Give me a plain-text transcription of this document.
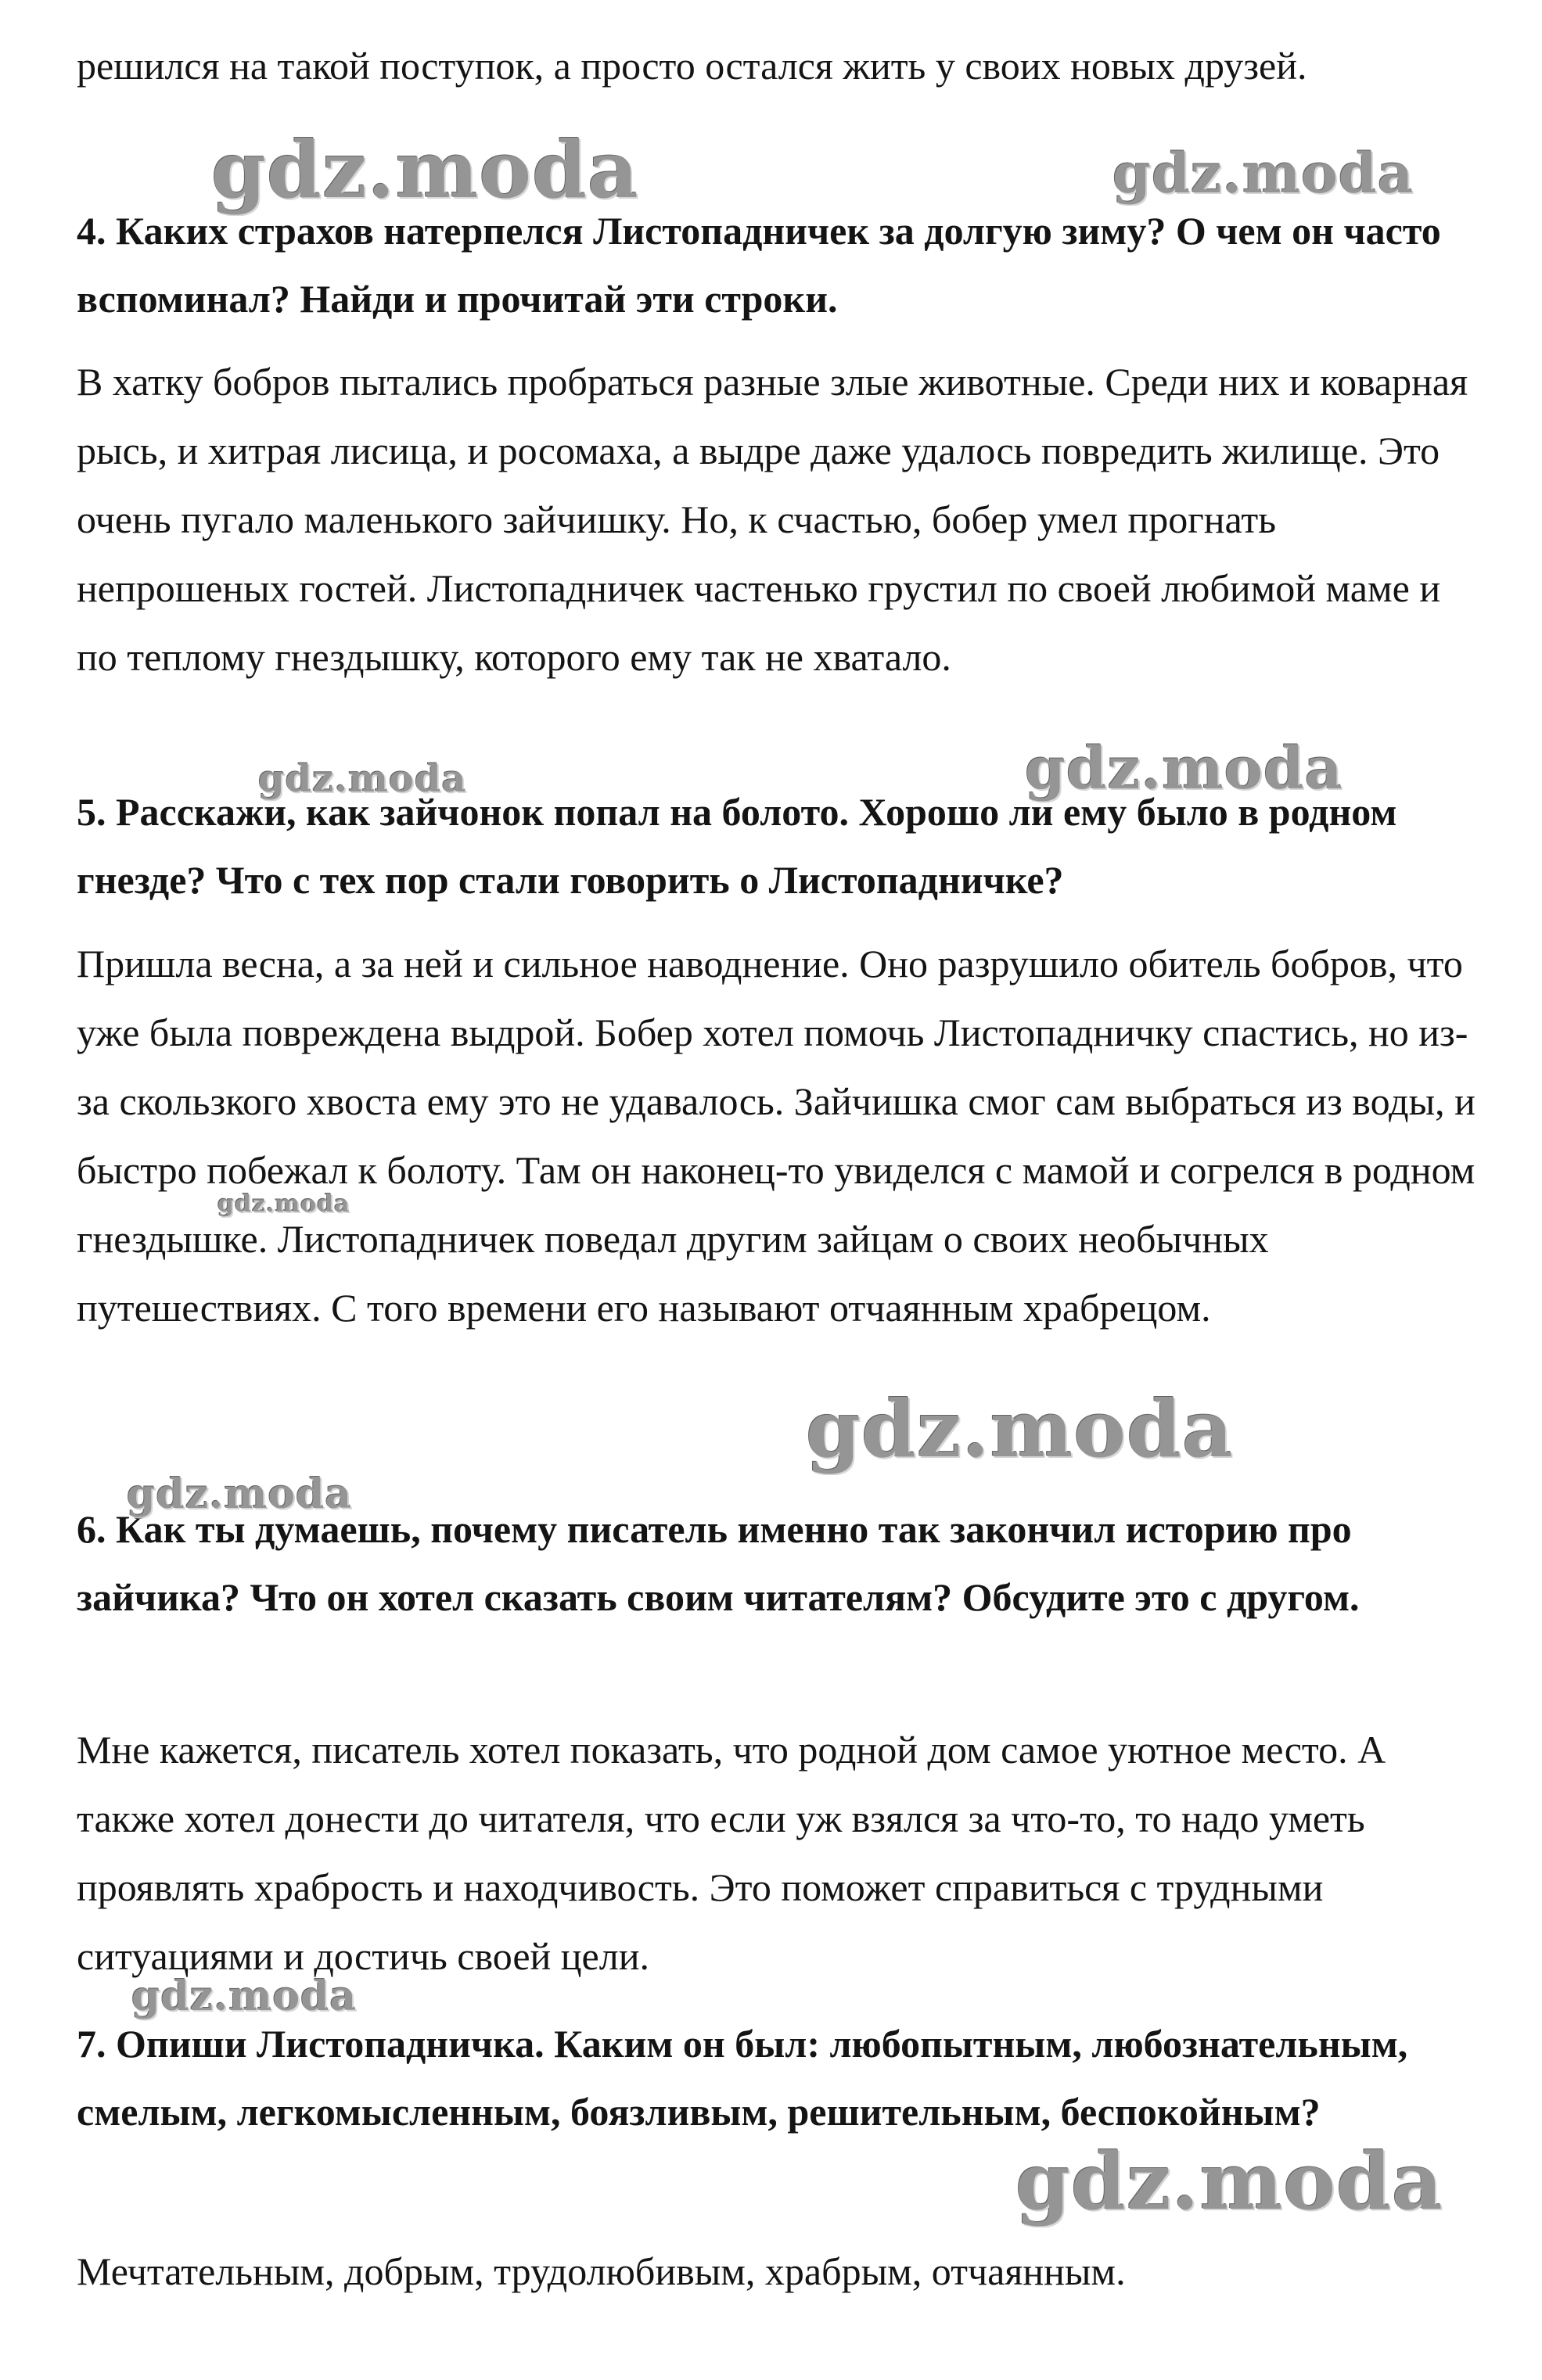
решился на такой поступок, а просто остался жить у своих новых друзей.

4. Каких страхов натерпелся Листопадничек за долгую зиму? О чем он часто вспоминал? Найди и прочитай эти строки.

В хатку бобров пытались пробраться разные злые животные. Среди них и коварная рысь, и хитрая лисица, и росомаха, а выдре даже удалось повредить жилище. Это очень пугало маленького зайчишку. Но, к счастью, бобер умел прогнать непрошеных гостей. Листопадничек частенько грустил по своей любимой маме и по теплому гнездышку, которого ему так не хватало.

5. Расскажи, как зайчонок попал на болото. Хорошо ли ему было в родном гнезде? Что с тех пор стали говорить о Листопадничке?

Пришла весна, а за ней и сильное наводнение. Оно разрушило обитель бобров, что уже была повреждена выдрой. Бобер хотел помочь Листопадничку спастись, но из-за скользкого хвоста ему это не удавалось. Зайчишка смог сам выбраться из воды, и быстро побежал к болоту. Там он наконец-то увиделся с мамой и согрелся в родном гнездышке. Листопадничек поведал другим зайцам о своих необычных путешествиях. С того времени его называют отчаянным храбрецом.

6. Как ты думаешь, почему писатель именно так закончил историю про зайчика? Что он хотел сказать своим читателям? Обсудите это с другом.

Мне кажется, писатель хотел показать, что родной дом самое уютное место. А также хотел донести до читателя, что если уж взялся за что-то, то надо уметь проявлять храбрость и находчивость. Это поможет справиться с трудными ситуациями и достичь своей цели.

7. Опиши Листопадничка. Каким он был: любопытным, любознательным, смелым, легкомысленным, боязливым, решительным, беспокойным?

Мечтательным, добрым, трудолюбивым, храбрым, отчаянным.

gdz.moda	gdz.moda
gdz.moda	gdz.moda
gdz.moda
gdz.moda
gdz.moda
gdz.moda
gdz.moda
